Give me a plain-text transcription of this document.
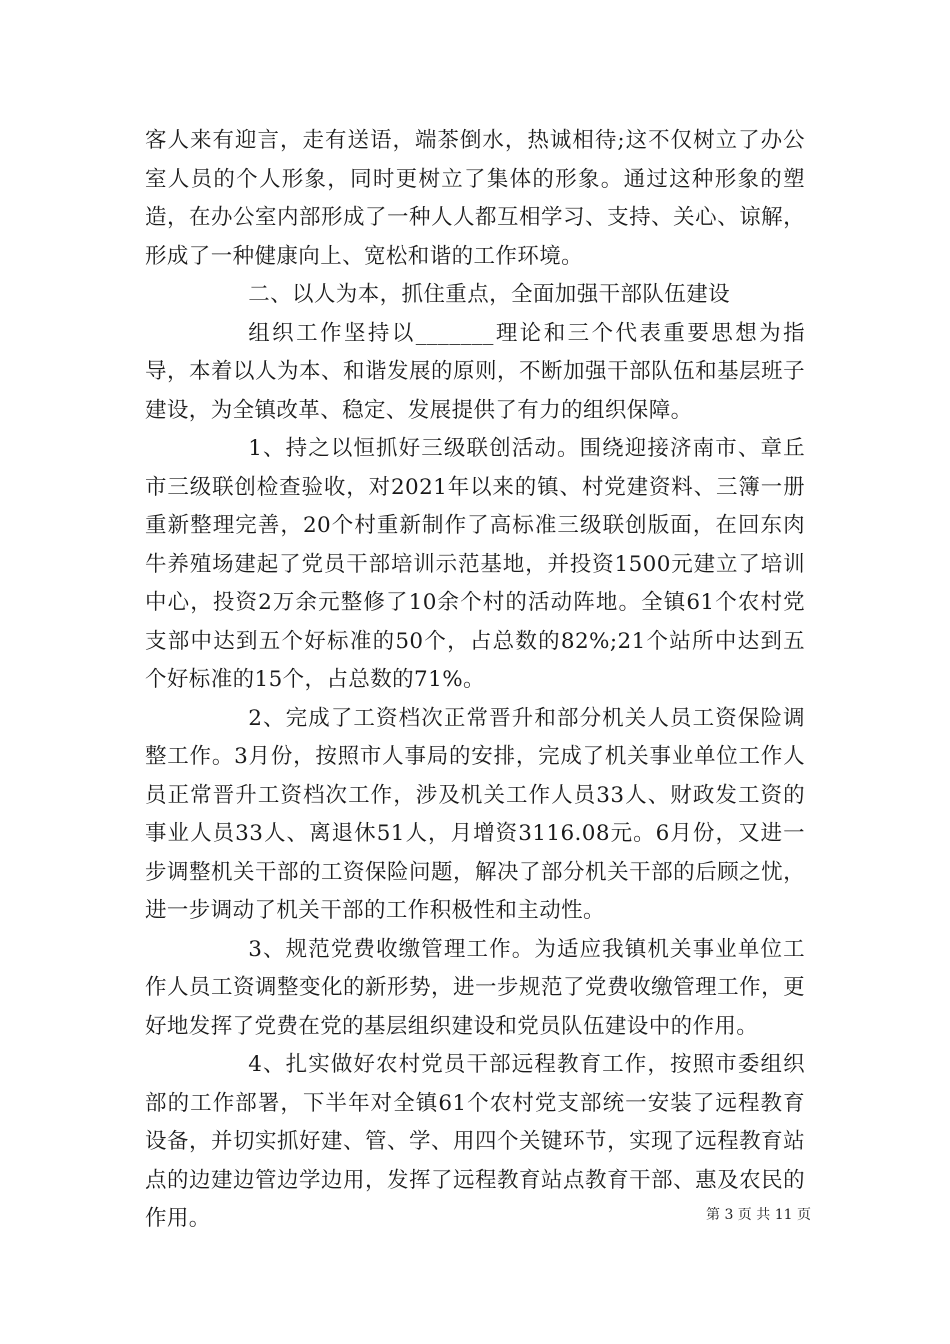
客人来有迎言，走有送语，端茶倒水，热诚相待;这不仅树立了办公室人员的个人形象，同时更树立了集体的形象。通过这种形象的塑造，在办公室内部形成了一种人人都互相学习、支持、关心、谅解，形成了一种健康向上、宽松和谐的工作环境。

二、以人为本，抓住重点，全面加强干部队伍建设

组织工作坚持以_______理论和三个代表重要思想为指导，本着以人为本、和谐发展的原则，不断加强干部队伍和基层班子建设，为全镇改革、稳定、发展提供了有力的组织保障。

1、持之以恒抓好三级联创活动。围绕迎接济南市、章丘市三级联创检查验收，对2021年以来的镇、村党建资料、三簿一册重新整理完善，20个村重新制作了高标准三级联创版面，在回东肉牛养殖场建起了党员干部培训示范基地，并投资1500元建立了培训中心，投资2万余元整修了10余个村的活动阵地。全镇61个农村党支部中达到五个好标准的50个，占总数的82%;21个站所中达到五个好标准的15个，占总数的71%。

2、完成了工资档次正常晋升和部分机关人员工资保险调整工作。3月份，按照市人事局的安排，完成了机关事业单位工作人员正常晋升工资档次工作，涉及机关工作人员33人、财政发工资的事业人员33人、离退休51人，月增资3116.08元。6月份，又进一步调整机关干部的工资保险问题，解决了部分机关干部的后顾之忧，进一步调动了机关干部的工作积极性和主动性。

3、规范党费收缴管理工作。为适应我镇机关事业单位工作人员工资调整变化的新形势，进一步规范了党费收缴管理工作，更好地发挥了党费在党的基层组织建设和党员队伍建设中的作用。

4、扎实做好农村党员干部远程教育工作，按照市委组织部的工作部署，下半年对全镇61个农村党支部统一安装了远程教育设备，并切实抓好建、管、学、用四个关键环节，实现了远程教育站点的边建边管边学边用，发挥了远程教育站点教育干部、惠及农民的作用。	第 3 页 共 11 页
